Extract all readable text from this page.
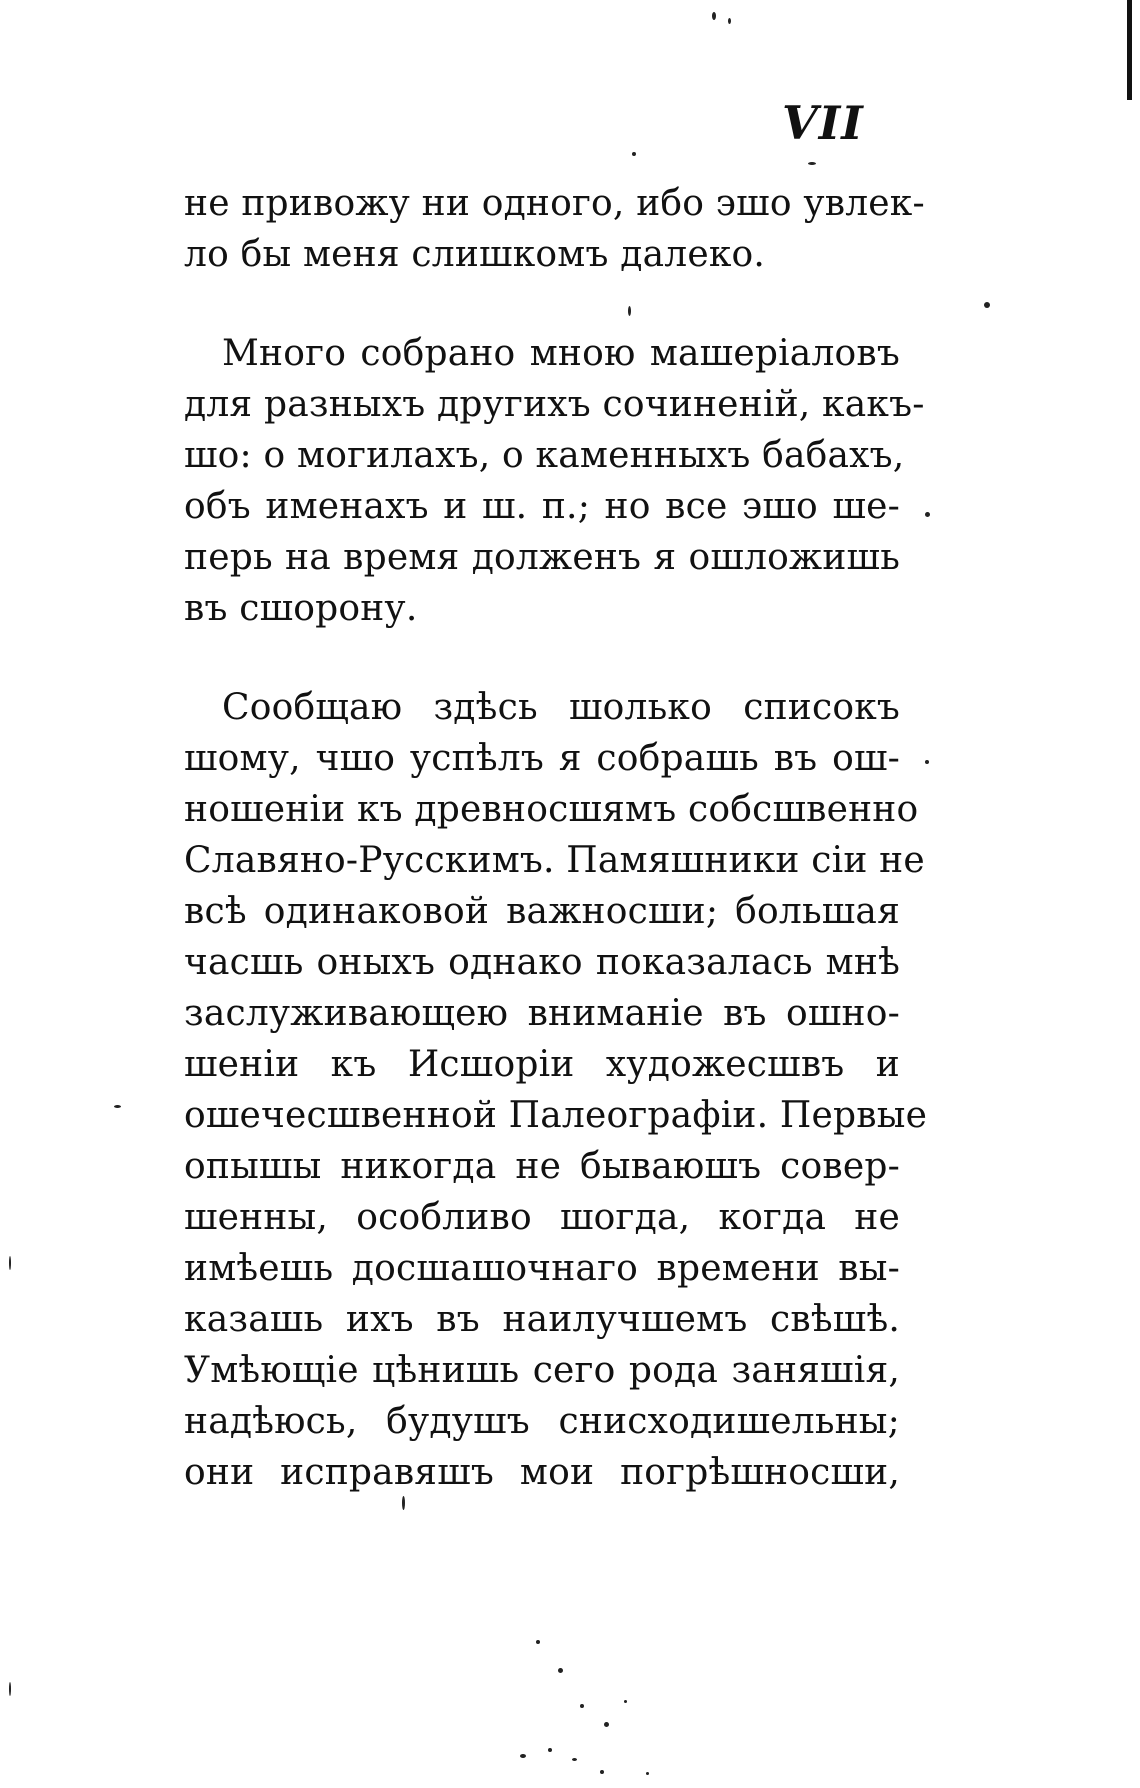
VII
не привожу ни одного, ибо эшо увлек-
ло бы меня слишкомъ далеко.
Много собрано мною машеріаловъ
для разныхъ другихъ сочиненій, какъ-
шо: о могилахъ, о каменныхъ бабахъ,
объ именахъ и ш. п.; но все эшо ше-
перь на время долженъ я ошложишь
въ сшорону.
Сообщаю здѣсь шолько списокъ
шому, чшо успѣлъ я собрашь въ ош-
ношеніи къ древносшямъ собсшвенно
Славяно-Русскимъ. Памяшники сіи не
всѣ одинаковой важносши; большая
часшь оныхъ однако показалась мнѣ
заслуживающею вниманіе въ ошно-
шеніи къ Исшоріи художесшвъ и
ошечесшвенной Палеографіи. Первые
опышы никогда не бываюшъ совер-
шенны, особливо шогда, когда не
имѣешь досшашочнаго времени вы-
казашь ихъ въ наилучшемъ свѣшѣ.
Умѣющіе цѣнишь сего рода заняшія,
надѣюсь, будушъ снисходишельны;
они исправяшъ мои погрѣшносши,
